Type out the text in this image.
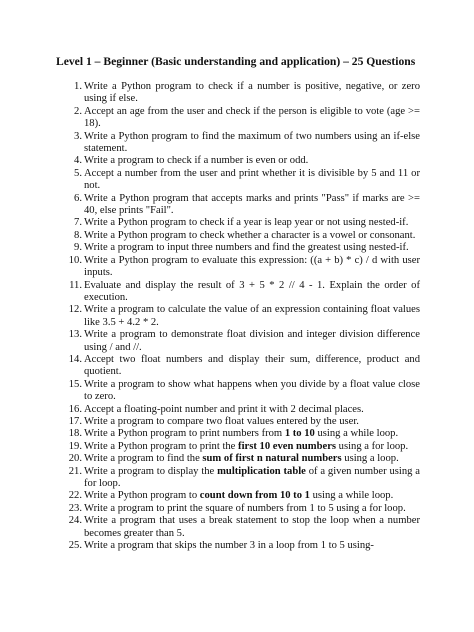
Level 1 – Beginner (Basic understanding and application) – 25 Questions
1. Write a Python program to check if a number is positive, negative, or zero using if else.
2. Accept an age from the user and check if the person is eligible to vote (age >= 18).
3. Write a Python program to find the maximum of two numbers using an if-else statement.
4. Write a program to check if a number is even or odd.
5. Accept a number from the user and print whether it is divisible by 5 and 11 or not.
6. Write a Python program that accepts marks and prints "Pass" if marks are >= 40, else prints "Fail".
7. Write a Python program to check if a year is leap year or not using nested-if.
8. Write a Python program to check whether a character is a vowel or consonant.
9. Write a program to input three numbers and find the greatest using nested-if.
10. Write a Python program to evaluate this expression: ((a + b) * c) / d with user inputs.
11. Evaluate and display the result of 3 + 5 * 2 // 4 - 1. Explain the order of execution.
12. Write a program to calculate the value of an expression containing float values like 3.5 + 4.2 * 2.
13. Write a program to demonstrate float division and integer division difference using / and //.
14. Accept two float numbers and display their sum, difference, product and quotient.
15. Write a program to show what happens when you divide by a float value close to zero.
16. Accept a floating-point number and print it with 2 decimal places.
17. Write a program to compare two float values entered by the user.
18. Write a Python program to print numbers from 1 to 10 using a while loop.
19. Write a Python program to print the first 10 even numbers using a for loop.
20. Write a program to find the sum of first n natural numbers using a loop.
21. Write a program to display the multiplication table of a given number using a for loop.
22. Write a Python program to count down from 10 to 1 using a while loop.
23. Write a program to print the square of numbers from 1 to 5 using a for loop.
24. Write a program that uses a break statement to stop the loop when a number becomes greater than 5.
25. Write a program that skips the number 3 in a loop from 1 to 5 using-
